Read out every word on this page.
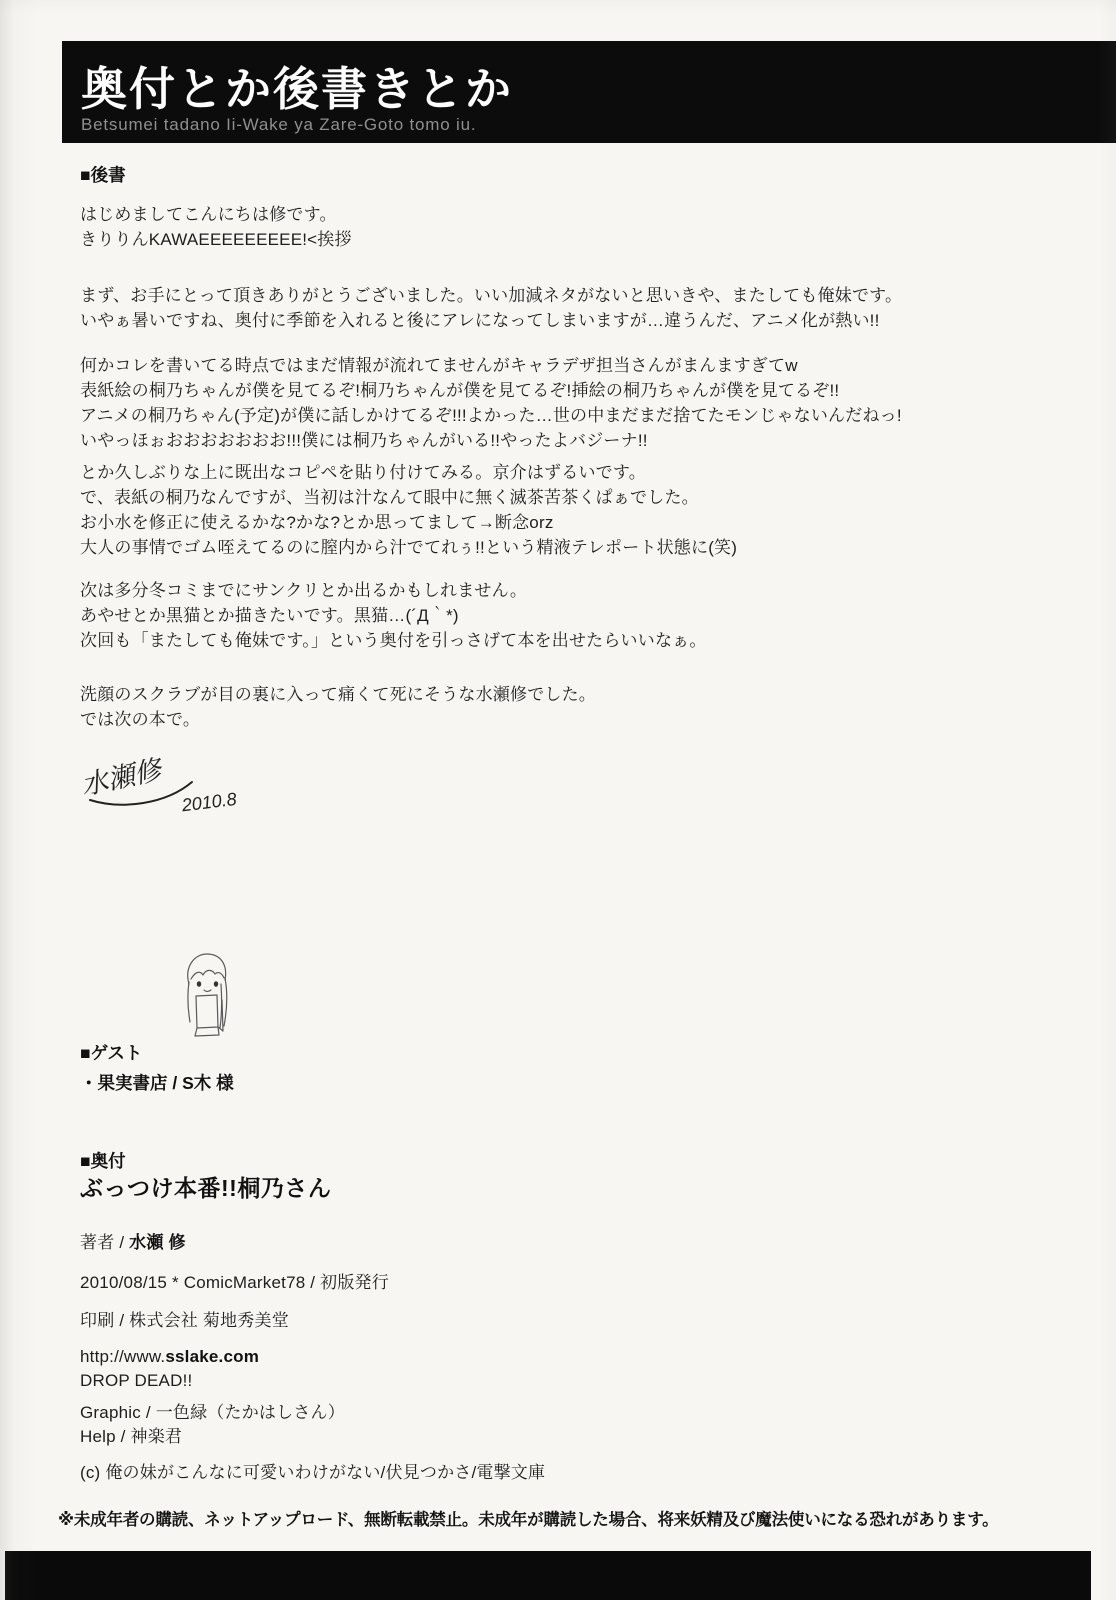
奥付とか後書きとか
Betsumei tadano Ii-Wake ya Zare-Goto tomo iu.
■後書
はじめましてこんにちは修です。
きりりんKAWAEEEEEEEEE!<挨拶
まず、お手にとって頂きありがとうございました。いい加減ネタがないと思いきや、またしても俺妹です。
いやぁ暑いですね、奥付に季節を入れると後にアレになってしまいますが…違うんだ、アニメ化が熱い!!
何かコレを書いてる時点ではまだ情報が流れてませんがキャラデザ担当さんがまんますぎてw
表紙絵の桐乃ちゃんが僕を見てるぞ!桐乃ちゃんが僕を見てるぞ!挿絵の桐乃ちゃんが僕を見てるぞ!!
アニメの桐乃ちゃん(予定)が僕に話しかけてるぞ!!!よかった…世の中まだまだ捨てたモンじゃないんだねっ!
いやっほぉおおおおおおお!!!僕には桐乃ちゃんがいる!!やったよバジーナ!!
とか久しぶりな上に既出なコピペを貼り付けてみる。京介はずるいです。
で、表紙の桐乃なんですが、当初は汁なんて眼中に無く滅茶苦茶くぱぁでした。
お小水を修正に使えるかな?かな?とか思ってまして→断念orz
大人の事情でゴム咥えてるのに膣内から汁でてれぅ!!という精液テレポート状態に(笑)
次は多分冬コミまでにサンクリとか出るかもしれません。
あやせとか黒猫とか描きたいです。黒猫…(´Д｀*)
次回も「またしても俺妹です。」という奥付を引っさげて本を出せたらいいなぁ。
洗顔のスクラブが目の裏に入って痛くて死にそうな水瀬修でした。
では次の本で。
水瀬修
2010.8
■ゲスト
・果実書店 / S木 様
■奥付
ぶっつけ本番!!桐乃さん
著者 / 水瀬 修
2010/08/15 * ComicMarket78 / 初版発行
印刷 / 株式会社 菊地秀美堂
http://www.sslake.com
DROP DEAD!!
Graphic / 一色緑（たかはしさん）
Help / 神楽君
(c) 俺の妹がこんなに可愛いわけがない/伏見つかさ/電撃文庫
※未成年者の購読、ネットアップロード、無断転載禁止。未成年が購読した場合、将来妖精及び魔法使いになる恐れがあります。
